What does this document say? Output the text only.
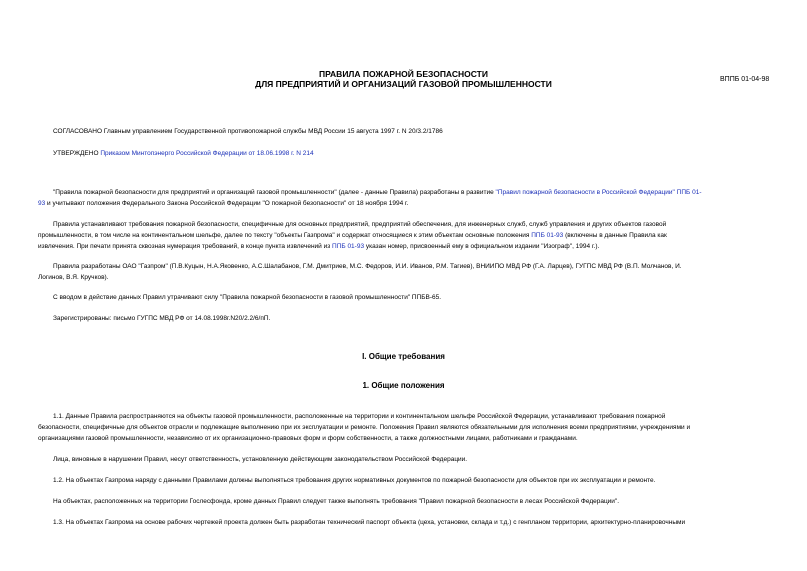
ВППБ 01-04-98
ПРАВИЛА ПОЖАРНОЙ БЕЗОПАСНОСТИ
ДЛЯ ПРЕДПРИЯТИЙ И ОРГАНИЗАЦИЙ ГАЗОВОЙ ПРОМЫШЛЕННОСТИ
СОГЛАСОВАНО Главным управлением Государственной противопожарной службы МВД России 15 августа 1997 г. N 20/3.2/1786
УТВЕРЖДЕНО Приказом Минтопэнерго Российской Федерации от 18.06.1998 г. N 214
"Правила пожарной безопасности для предприятий и организаций газовой промышленности" (далее - данные Правила) разработаны в развитие "Правил пожарной безопасности в Российской Федерации" ППБ 01-
93 и учитывают положения Федерального Закона Российской Федерации "О пожарной безопасности" от 18 ноября 1994 г.
Правила устанавливают требования пожарной безопасности, специфичные для основных предприятий, предприятий обеспечения, для инженерных служб, служб управления и других объектов газовой
промышленности, в том числе на континентальном шельфе, далее по тексту "объекты Газпрома" и содержат относящиеся к этим объектам основные положения ППБ 01-93 (включены в данные Правила как
извлечения. При печати принята сквозная нумерация требований, в конце пункта извлечений из ППБ 01-93 указан номер, присвоенный ему в официальном издании "Изограф", 1994 г.).
Правила разработаны ОАО "Газпром" (П.В.Куцын, Н.А.Яковенко, А.С.Шалабанов, Г.М. Дмитриев, М.С. Федоров, И.И. Иванов, Р.М. Тагиев), ВНИИПО МВД РФ (Г.А. Ларцев), ГУГПС МВД РФ (В.П. Молчанов, И.
Логинов, В.Я. Кручков).
С вводом в действие данных Правил утрачивают силу "Правила пожарной безопасности в газовой промышленности" ППБВ-65.
Зарегистрированы: письмо ГУГПС МВД РФ от 14.08.1998г.N20/2.2/6/пП.
I. Общие требования
1. Общие положения
1.1. Данные Правила распространяются на объекты газовой промышленности, расположенные на территории и континентальном шельфе Российской Федерации, устанавливают требования пожарной
безопасности, специфичные для объектов отрасли и подлежащие выполнению при их эксплуатации и ремонте. Положения Правил являются обязательными для исполнения всеми предприятиями, учреждениями и
организациями газовой промышленности, независимо от их организационно-правовых форм и форм собственности, а также должностными лицами, работниками и гражданами.
Лица, виновные в нарушении Правил, несут ответственность, установленную действующим законодательством Российской Федерации.
1.2. На объектах Газпрома наряду с данными Правилами должны выполняться требования других нормативных документов по пожарной безопасности для объектов при их эксплуатации и ремонте.
На объектах, расположенных на территории Гослесфонда, кроме данных Правил следует также выполнять требования "Правил пожарной безопасности в лесах Российской Федерации".
1.3. На объектах Газпрома на основе рабочих чертежей проекта должен быть разработан технический паспорт объекта (цеха, установки, склада и т.д.) с генпланом территории, архитектурно-планировочными
